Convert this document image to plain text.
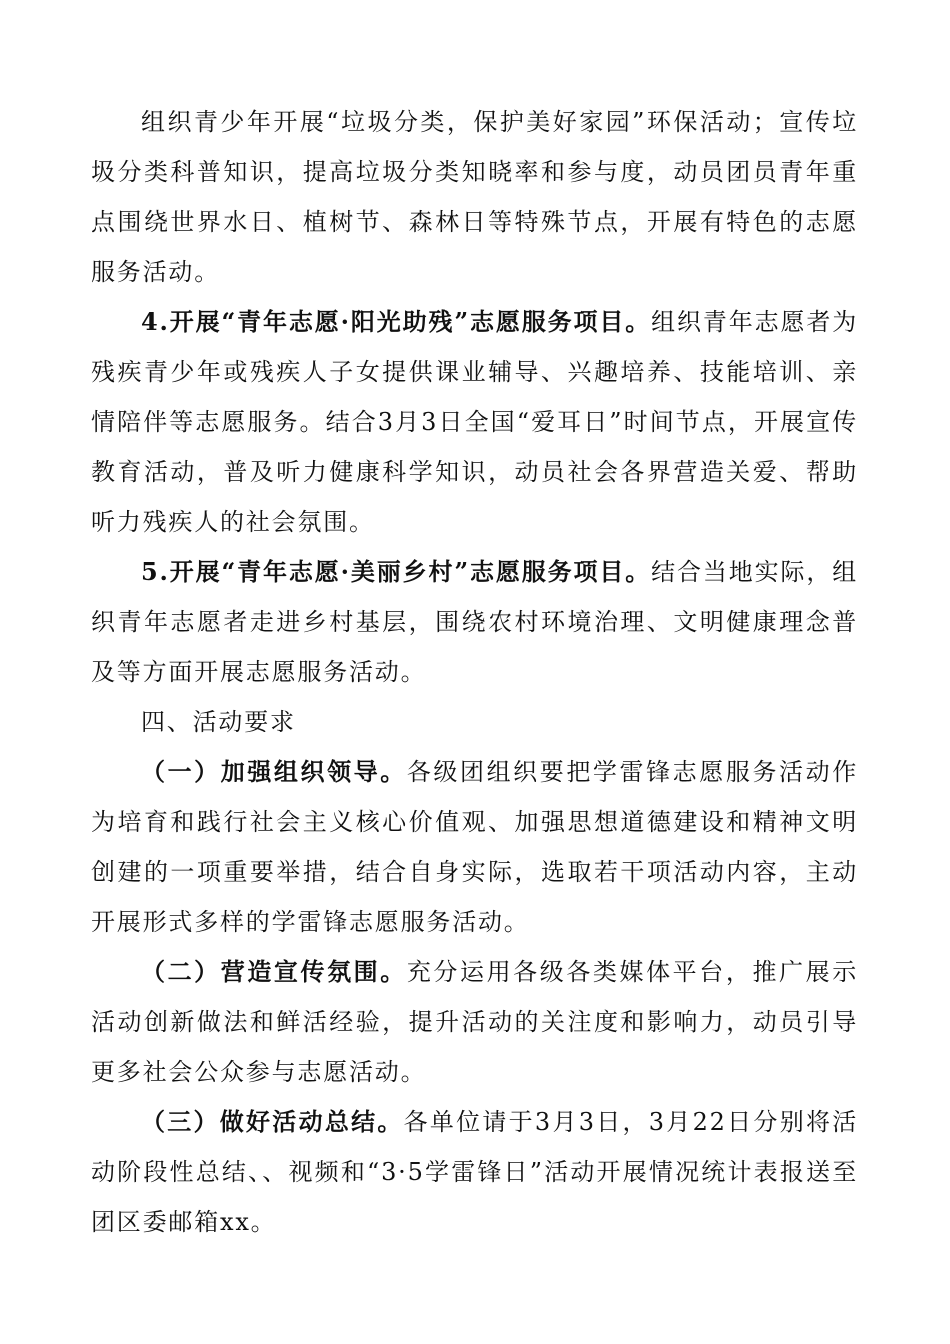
组织青少年开展“垃圾分类，保护美好家园”环保活动；宣传垃圾分类科普知识，提高垃圾分类知晓率和参与度，动员团员青年重点围绕世界水日、植树节、森林日等特殊节点，开展有特色的志愿服务活动。

4.开展“青年志愿·阳光助残”志愿服务项目。组织青年志愿者为残疾青少年或残疾人子女提供课业辅导、兴趣培养、技能培训、亲情陪伴等志愿服务。结合3月3日全国“爱耳日”时间节点，开展宣传教育活动，普及听力健康科学知识，动员社会各界营造关爱、帮助听力残疾人的社会氛围。

5.开展“青年志愿·美丽乡村”志愿服务项目。结合当地实际，组织青年志愿者走进乡村基层，围绕农村环境治理、文明健康理念普及等方面开展志愿服务活动。

四、活动要求

（一）加强组织领导。各级团组织要把学雷锋志愿服务活动作为培育和践行社会主义核心价值观、加强思想道德建设和精神文明创建的一项重要举措，结合自身实际，选取若干项活动内容，主动开展形式多样的学雷锋志愿服务活动。

（二）营造宣传氛围。充分运用各级各类媒体平台，推广展示活动创新做法和鲜活经验，提升活动的关注度和影响力，动员引导更多社会公众参与志愿活动。

（三）做好活动总结。各单位请于3月3日，3月22日分别将活动阶段性总结、、视频和“3·5学雷锋日”活动开展情况统计表报送至团区委邮箱xx。
